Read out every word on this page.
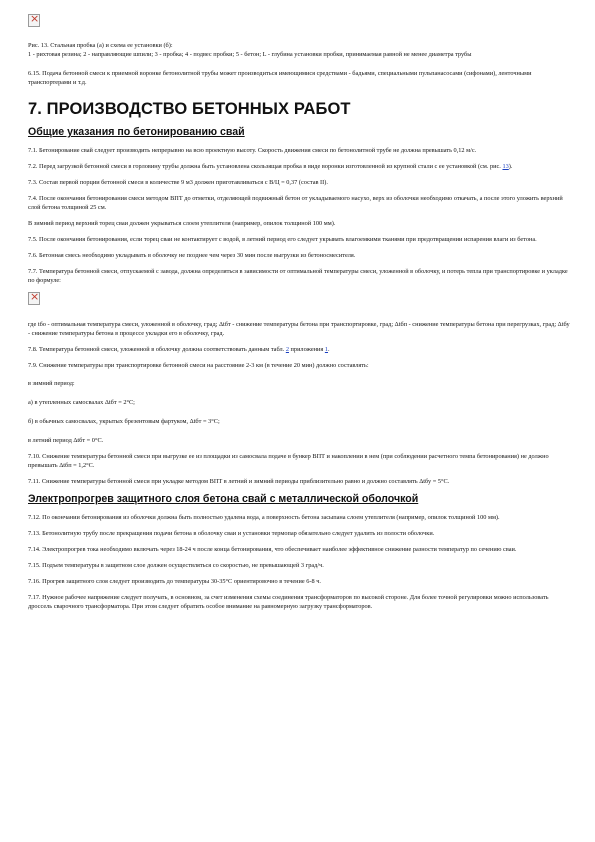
×

Рис. 13. Стальная пробка (а) и схема ее установки (б):

1 - рихтовая резина; 2 - направляющие шпили; 3 - пробка; 4 - подвес пробки; 5 - бетон; L - глубина установки пробки, принимаемая равной не менее диаметра трубы

6.15. Подача бетонной смеси к приемной воронке бетонолитной трубы может производиться имеющимися средствами - бадьями, специальными пульпанасосами (сифонами), ленточными транспортерами и т.д.

7. ПРОИЗВОДСТВО БЕТОННЫХ РАБОТ
Общие указания по бетонированию свай

7.1. Бетонирование свай следует производить непрерывно на всю проектную высоту. Скорость движения смеси по бетонолитной трубе не должна превышать 0,12 м/с.

7.2. Перед загрузкой бетонной смеси в горловину трубы должна быть установлена скользящая пробка в виде воронки изготовленной из крупной стали с ее установкой (см. рис. 13).

7.3. Состав первой порции бетонной смеси в количестве 9 м3 должен приготавливаться с В/Ц = 0,37 (состав II).

7.4. После окончания бетонирования смеси методом ВПТ до отметки, отделяющей подвижный бетон от укладываемого насухо, верх из оболочки необходимо откачать, а после этого уложить верхний слой бетона толщиной 25 см.

В зимний период верхний торец сваи должен укрываться слоем утеплителя (например, опилок толщиной 100 мм).

7.5. После окончания бетонирования, если торец сваи не контактирует с водой, в летний период его следует укрывать влагоемкими тканями при предотвращении испарения влаги из бетона.

7.6. Бетонная смесь необходимо укладывать в оболочку не позднее чем через 30 мин после выгрузки из бетоносмесителя.

7.7. Температура бетонной смеси, отпускаемой с завода, должна определяться в зависимости от оптимальной температуры смеси, уложенной в оболочку, и потерь тепла при транспортировке и укладке по формуле:

×

где tбо - оптимальная температура смеси, уложенной в оболочку, град; Δtбт - снижение температуры бетона при транспортировке, град; Δtбп - снижение температуры бетона при перегрузках, град; Δtбу - снижение температуры бетона в процессе укладки его в оболочку, град.

7.8. Температура бетонной смеси, уложенной в оболочку должна соответствовать данным табл. 2 приложения 1.

7.9. Снижение температуры при транспортировке бетонной смеси на расстояние 2-3 км (в течение 20 мин) должно составлять:

в зимний период:

а) в утепленных самосвалах Δtбт = 2°С;

б) в обычных самосвалах, укрытых брезентовым фартуком, Δtбт = 3°С;

в летний период Δtбт = 0°С.

7.10. Снижение температуры бетонной смеси при выгрузке ее из площадки из самосвала подаче в бункер ВПТ и накоплении в нем (при соблюдении расчетного темпа бетонирования) не должно превышать Δtбп = 1,2°С.

7.11. Снижение температуры бетонной смеси при укладке методом ВПТ в летний и зимний периоды приблизительно равно и должно составлять Δtбу = 5°С.

Электропрогрев защитного слоя бетона свай с металлической оболочкой

7.12. По окончании бетонирования из оболочки должна быть полностью удалена вода, а поверхность бетона засыпана слоем утеплителя (например, опилок толщиной 100 мм).

7.13. Бетонолитную трубу после прекращения подачи бетона в оболочку сваи и установки термопар обязательно следует удалить из полости оболочки.

7.14. Электропрогрев тока необходимо включать через 18-24 ч после конца бетонирования, что обеспечивает наиболее эффективное снижение разности температур по сечению сваи.

7.15. Подъем температуры в защитном слое должен осуществляться со скоростью, не превышающей 3 град/ч.

7.16. Прогрев защитного слоя следует производить до температуры 30-35°С ориентировочно в течение 6-8 ч.

7.17. Нужное рабочее напряжение следует получать, в основном, за счет изменения схемы соединения трансформаторов по высокой стороне. Для более точной регулировки можно использовать дроссель сварочного трансформатора. При этом следует обратить особое внимание на равномерную загрузку трансформаторов.
